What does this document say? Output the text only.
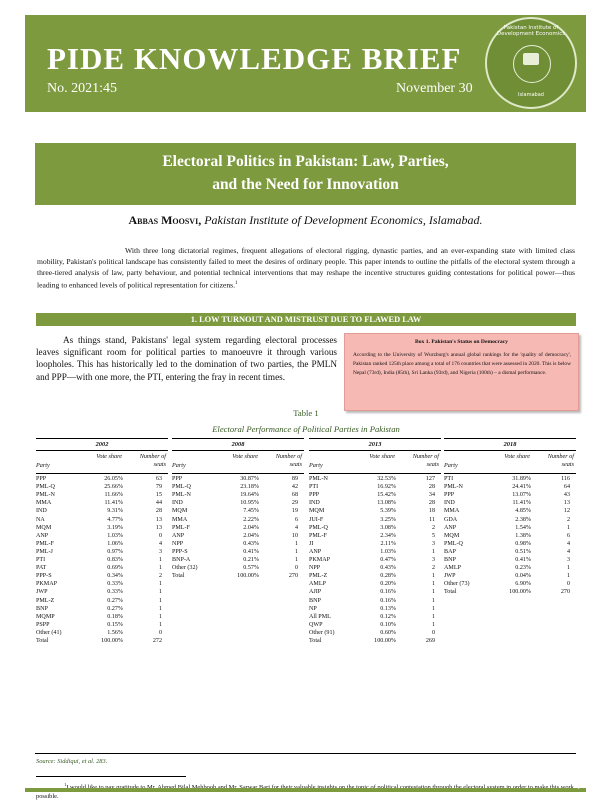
PIDE KNOWLEDGE BRIEF
No. 2021:45	November 30
Pakistan Institute of Development Economics
Islamabad
Electoral Politics in Pakistan: Law, Parties,
and the Need for Innovation
Abbas Moosvi, Pakistan Institute of Development Economics, Islamabad.
With three long dictatorial regimes, frequent allegations of electoral rigging, dynastic parties, and an ever-expanding state with limited class mobility, Pakistan's political landscape has consistently failed to meet the desires of ordinary people. This paper intends to outline the pitfalls of the electoral system through a three-tiered analysis of law, party behaviour, and potential technical interventions that may reshape the incentive structures guiding contestations for political power—thus leading to enhanced levels of political representation for citizens.$^1$
1. LOW TURNOUT AND MISTRUST DUE TO FLAWED LAW
As things stand, Pakistans' legal system regarding electoral processes leaves significant room for political parties to manoeuvre it through various loopholes. This has historically led to the domination of two parties, the PMLN and PPP—with one more, the PTI, entering the fray in recent times.
Box 1. Pakistan's Status on Democracy
According to the University of Wurzburg's annual global rankings for the 'quality of democracy', Pakistan ranked 125th place among a total of 176 countries that were assessed in 2020. This is below Nepal (73rd), India (85th), Sri Lanka (93rd), and Nigeria (100th) – a dismal performance.
Table 1
Electoral Performance of Political Parties in Pakistan
2002
Party
Vote share	Number of seats
PPP	26.05%	63
PML-Q	25.66%	79
PML-N	11.66%	15
MMA	11.41%	44
IND	9.31%	28
NA	4.77%	13
MQM	3.19%	13
ANP	1.03%	0
PML-F	1.06%	4
PML-J	0.97%	3
PTI	0.83%	1
PAT	0.69%	1
PPP-S	0.34%	2
PKMAP	0.33%	1
JWP	0.33%	1
PML-Z	0.27%	1
BNP	0.27%	1
MQMP	0.18%	1
PSPP	0.15%	1
Other (41)	1.56%	0
Total	100.00%	272
2008
Party
Vote share	Number of seats
PPP	30.87%	89
PML-Q	23.18%	42
PML-N	19.64%	68
IND	10.95%	29
MQM	7.45%	19
MMA	2.22%	6
PML-F	2.04%	4
ANP	2.04%	10
NPP	0.43%	1
PPP-S	0.41%	1
BNP-A	0.21%	1
Other (32)	0.57%	0
Total	100.00%	270
2013
Party
Vote share	Number of seats
PML-N	32.53%	127
PTI	16.92%	28
PPP	15.42%	34
IND	13.08%	28
MQM	5.39%	18
JUI-F	3.25%	11
PML-Q	3.08%	2
PML-F	2.34%	5
JI	2.11%	3
ANP	1.03%	1
PKMAP	0.47%	3
NPP	0.43%	2
PML-Z	0.28%	1
AMLP	0.20%	1
AJIP	0.16%	1
BNP	0.16%	1
NP	0.13%	1
All PML	0.12%	1
QWP	0.10%	1
Other (91)	0.60%	0
Total	100.00%	269
2018
Party
Vote share	Number of seats
PTI	31.89%	116
PML-N	24.41%	64
PPP	13.07%	43
IND	11.41%	13
MMA	4.85%	12
GDA	2.38%	2
ANP	1.54%	1
MQM	1.38%	6
PML-Q	0.98%	4
BAP	0.51%	4
BNP	0.41%	3
AMLP	0.23%	1
JWP	0.04%	1
Other (73)	6.90%	0
Total	100.00%	270
Source: Siddiqui, et al. 283.
$^1$ possible.
1
